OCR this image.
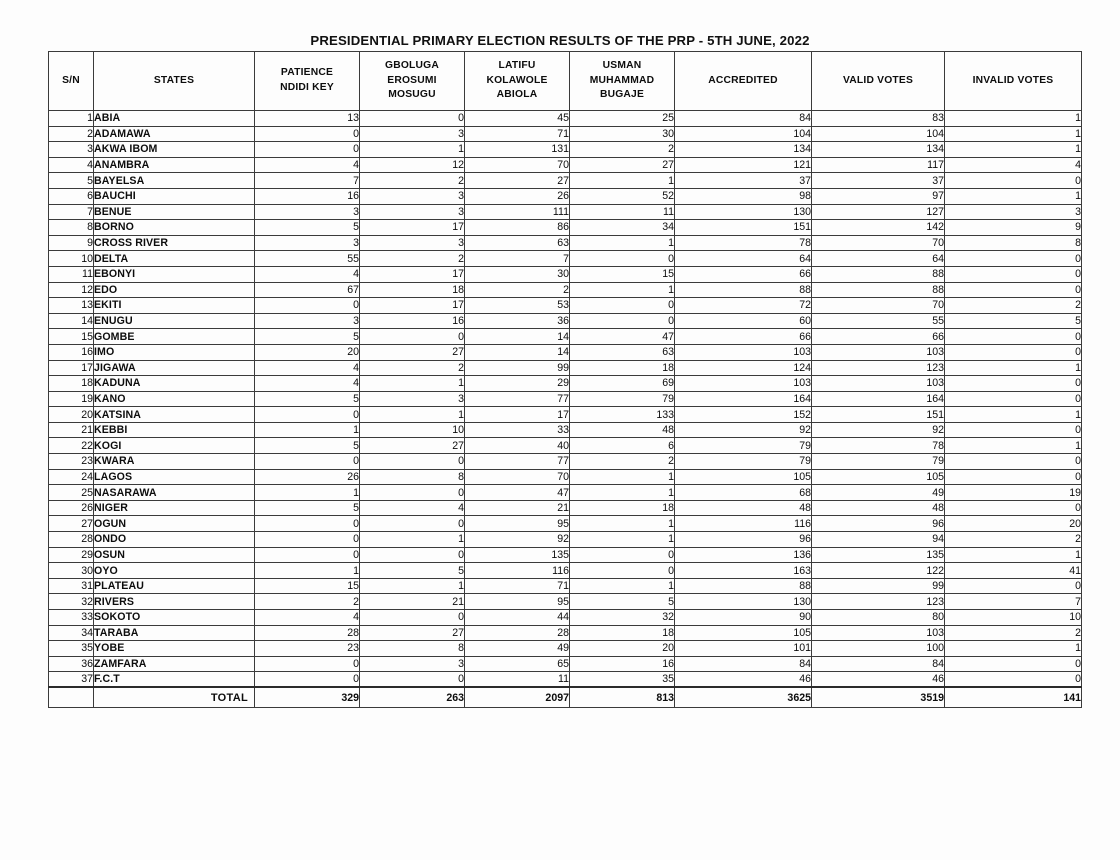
PRESIDENTIAL PRIMARY ELECTION RESULTS OF THE PRP - 5TH JUNE, 2022
S/N	STATES	PATIENCE
NDIDI KEY	GBOLUGA
EROSUMI
MOSUGU	LATIFU
KOLAWOLE
ABIOLA	USMAN
MUHAMMAD
BUGAJE	ACCREDITED	VALID VOTES	INVALID VOTES
1	ABIA	13	0	45	25	84	83	1
2	ADAMAWA	0	3	71	30	104	104	1
3	AKWA IBOM	0	1	131	2	134	134	1
4	ANAMBRA	4	12	70	27	121	117	4
5	BAYELSA	7	2	27	1	37	37	0
6	BAUCHI	16	3	26	52	98	97	1
7	BENUE	3	3	111	11	130	127	3
8	BORNO	5	17	86	34	151	142	9
9	CROSS RIVER	3	3	63	1	78	70	8
10	DELTA	55	2	7	0	64	64	0
11	EBONYI	4	17	30	15	66	88	0
12	EDO	67	18	2	1	88	88	0
13	EKITI	0	17	53	0	72	70	2
14	ENUGU	3	16	36	0	60	55	5
15	GOMBE	5	0	14	47	66	66	0
16	IMO	20	27	14	63	103	103	0
17	JIGAWA	4	2	99	18	124	123	1
18	KADUNA	4	1	29	69	103	103	0
19	KANO	5	3	77	79	164	164	0
20	KATSINA	0	1	17	133	152	151	1
21	KEBBI	1	10	33	48	92	92	0
22	KOGI	5	27	40	6	79	78	1
23	KWARA	0	0	77	2	79	79	0
24	LAGOS	26	8	70	1	105	105	0
25	NASARAWA	1	0	47	1	68	49	19
26	NIGER	5	4	21	18	48	48	0
27	OGUN	0	0	95	1	116	96	20
28	ONDO	0	1	92	1	96	94	2
29	OSUN	0	0	135	0	136	135	1
30	OYO	1	5	116	0	163	122	41
31	PLATEAU	15	1	71	1	88	99	0
32	RIVERS	2	21	95	5	130	123	7
33	SOKOTO	4	0	44	32	90	80	10
34	TARABA	28	27	28	18	105	103	2
35	YOBE	23	8	49	20	101	100	1
36	ZAMFARA	0	3	65	16	84	84	0
37	F.C.T	0	0	11	35	46	46	0
	TOTAL	329	263	2097	813	3625	3519	141
